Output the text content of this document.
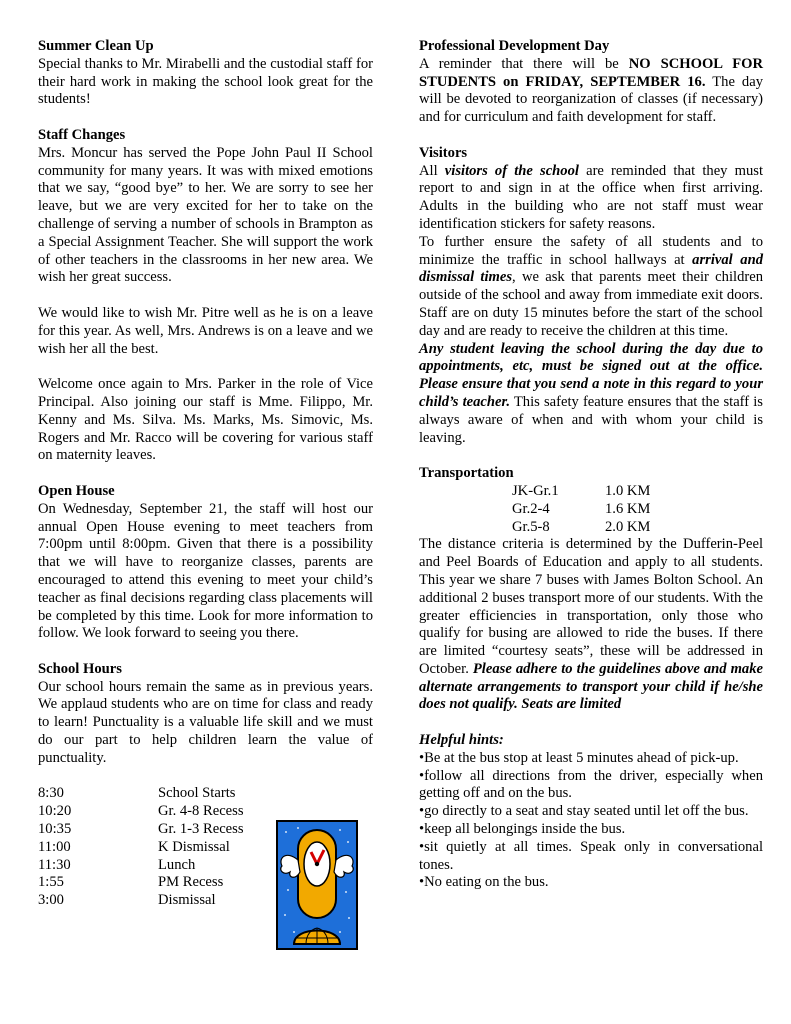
Summer Clean Up

Special thanks to Mr. Mirabelli and the custodial staff for their hard work in making the school look great for the students!

Staff Changes

Mrs. Moncur has served the Pope John Paul II School community for many years. It was with mixed emotions that we say, “good bye” to her. We are sorry to see her leave, but we are very excited for her to take on the challenge of serving a number of schools in Brampton as a Special Assignment Teacher. She will support the work of other teachers in the classrooms in her new area. We wish her great success.

We would like to wish Mr. Pitre well as he is on a leave for this year. As well, Mrs. Andrews is on a leave and we wish her all the best.

Welcome once again to Mrs. Parker in the role of Vice Principal. Also joining our staff is Mme. Filippo, Mr. Kenny and Ms. Silva. Ms. Marks, Ms. Simovic, Ms. Rogers and Mr. Racco will be covering for various staff on maternity leaves.

Open House

On Wednesday, September 21, the staff will host our annual Open House evening to meet teachers from 7:00pm until 8:00pm. Given that there is a possibility that we will have to reorganize classes, parents are encouraged to attend this evening to meet your child’s teacher as final decisions regarding class placements will be completed by this time. Look for more information to follow. We look forward to seeing you there.

School Hours

Our school hours remain the same as in previous years. We applaud students who are on time for class and ready to learn! Punctuality is a valuable life skill and we must do our part to help children learn the value of punctuality.

8:30	School Starts
10:20	Gr. 4-8 Recess
10:35	Gr. 1-3 Recess
11:00	K Dismissal
11:30	Lunch
1:55	PM Recess
3:00	Dismissal
Professional Development Day

A reminder that there will be NO SCHOOL FOR STUDENTS on FRIDAY, SEPTEMBER 16. The day will be devoted to reorganization of classes (if necessary) and for curriculum and faith development for staff.

Visitors

All visitors of the school are reminded that they must report to and sign in at the office when first arriving. Adults in the building who are not staff must wear identification stickers for safety reasons.

To further ensure the safety of all students and to minimize the traffic in school hallways at arrival and dismissal times, we ask that parents meet their children outside of the school and away from immediate exit doors. Staff are on duty 15 minutes before the start of the school day and are ready to receive the children at this time.

Any student leaving the school during the day due to appointments, etc, must be signed out at the office. Please ensure that you send a note in this regard to your child’s teacher. This safety feature ensures that the staff is always aware of when and with whom your child is leaving.

Transportation
JK-Gr.1	1.0 KM
Gr.2-4	1.6 KM
Gr.5-8	2.0 KM

The distance criteria is determined by the Dufferin-Peel and Peel Boards of Education and apply to all students. This year we share 7 buses with James Bolton School. An additional 2 buses transport more of our students. With the greater efficiencies in transportation, only those who qualify for busing are allowed to ride the buses. If there are limited “courtesy seats”, these will be addressed in October. Please adhere to the guidelines above and make alternate arrangements to transport your child if he/she does not qualify. Seats are limited

Helpful hints:

•Be at the bus stop at least 5 minutes ahead of pick-up.

•follow all directions from the driver, especially when getting off and on the bus.

•go directly to a seat and stay seated until let off the bus.

•keep all belongings inside the bus.

•sit quietly at all times. Speak only in conversational tones.

•No eating on the bus.
